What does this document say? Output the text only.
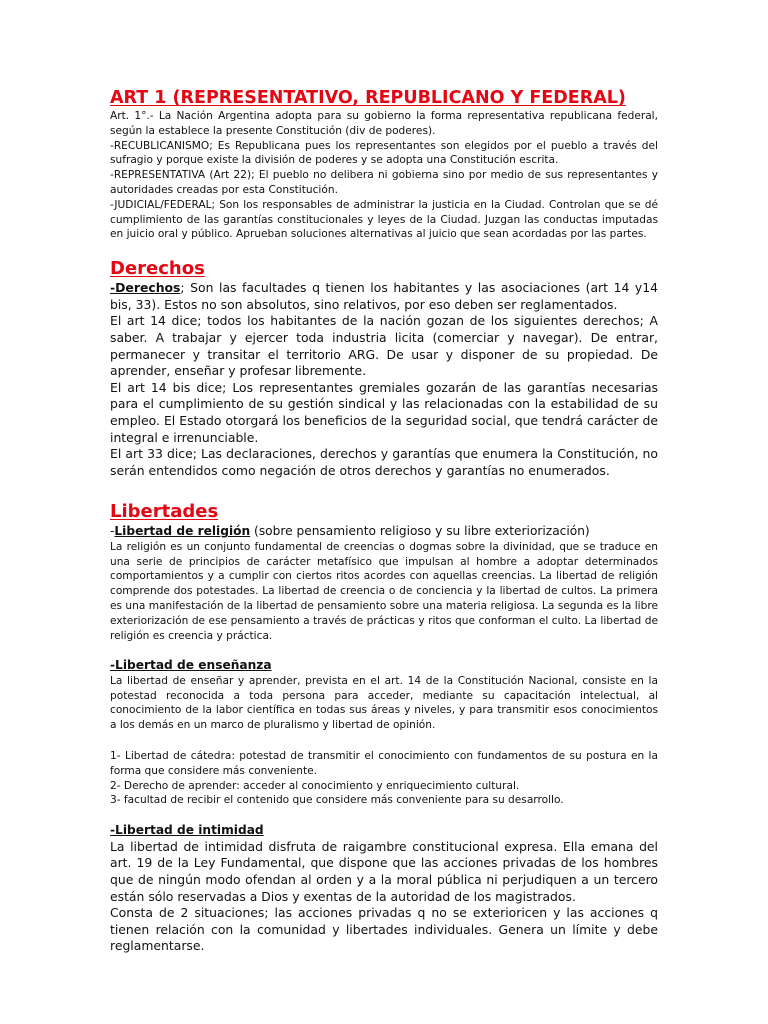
ART 1 (REPRESENTATIVO, REPUBLICANO Y FEDERAL)

Art. 1°.- La Nación Argentina adopta para su gobierno la forma representativa republicana federal, según la establece la presente Constitución (div de poderes).

-RECUBLICANISMO; Es Republicana pues los representantes son elegidos por el pueblo a través del sufragio y porque existe la división de poderes y se adopta una Constitución escrita.

-REPRESENTATIVA (Art 22); El pueblo no delibera ni gobierna sino por medio de sus representantes y autoridades creadas por esta Constitución.

-JUDICIAL/FEDERAL; Son los responsables de administrar la justicia en la Ciudad. Controlan que se dé cumplimiento de las garantías constitucionales y leyes de la Ciudad. Juzgan las conductas imputadas en juicio oral y público. Aprueban soluciones alternativas al juicio que sean acordadas por las partes.

Derechos

-Derechos; Son las facultades q tienen los habitantes y las asociaciones (art 14 y14 bis, 33). Estos no son absolutos, sino relativos, por eso deben ser reglamentados.

El art 14 dice; todos los habitantes de la nación gozan de los siguientes derechos; A saber. A trabajar y ejercer toda industria licita (comerciar y navegar). De entrar, permanecer y transitar el territorio ARG. De usar y disponer de su propiedad. De aprender, enseñar y profesar libremente.

El art 14 bis dice; Los representantes gremiales gozarán de las garantías necesarias para el cumplimiento de su gestión sindical y las relacionadas con la estabilidad de su empleo. El Estado otorgará los beneficios de la seguridad social, que tendrá carácter de integral e irrenunciable.

El art 33 dice; Las declaraciones, derechos y garantías que enumera la Constitución, no serán entendidos como negación de otros derechos y garantías no enumerados.

Libertades

-Libertad de religión (sobre pensamiento religioso y su libre exteriorización)

La religión es un conjunto fundamental de creencias o dogmas sobre la divinidad, que se traduce en una serie de principios de carácter metafísico que impulsan al hombre a adoptar determinados comportamientos y a cumplir con ciertos ritos acordes con aquellas creencias. La libertad de religión comprende dos potestades. La libertad de creencia o de conciencia y la libertad de cultos. La primera es una manifestación de la libertad de pensamiento sobre una materia religiosa. La segunda es la libre exteriorización de ese pensamiento a través de prácticas y ritos que conforman el culto. La libertad de religión es creencia y práctica.

-Libertad de enseñanza

La libertad de enseñar y aprender, prevista en el art. 14 de la Constitución Nacional, consiste en la potestad reconocida a toda persona para acceder, mediante su capacitación intelectual, al conocimiento de la labor científica en todas sus áreas y niveles, y para transmitir esos conocimientos a los demás en un marco de pluralismo y libertad de opinión.

1- Libertad de cátedra: potestad de transmitir el conocimiento con fundamentos de su postura en la forma que considere más conveniente.

2- Derecho de aprender: acceder al conocimiento y enriquecimiento cultural.

3- facultad de recibir el contenido que considere más conveniente para su desarrollo.

-Libertad de intimidad

La libertad de intimidad disfruta de raigambre constitucional expresa. Ella emana del art. 19 de la Ley Fundamental, que dispone que las acciones privadas de los hombres que de ningún modo ofendan al orden y a la moral pública ni perjudiquen a un tercero están sólo reservadas a Dios y exentas de la autoridad de los magistrados.

Consta de 2 situaciones; las acciones privadas q no se exterioricen y las acciones q tienen relación con la comunidad y libertades individuales. Genera un límite y debe reglamentarse.
